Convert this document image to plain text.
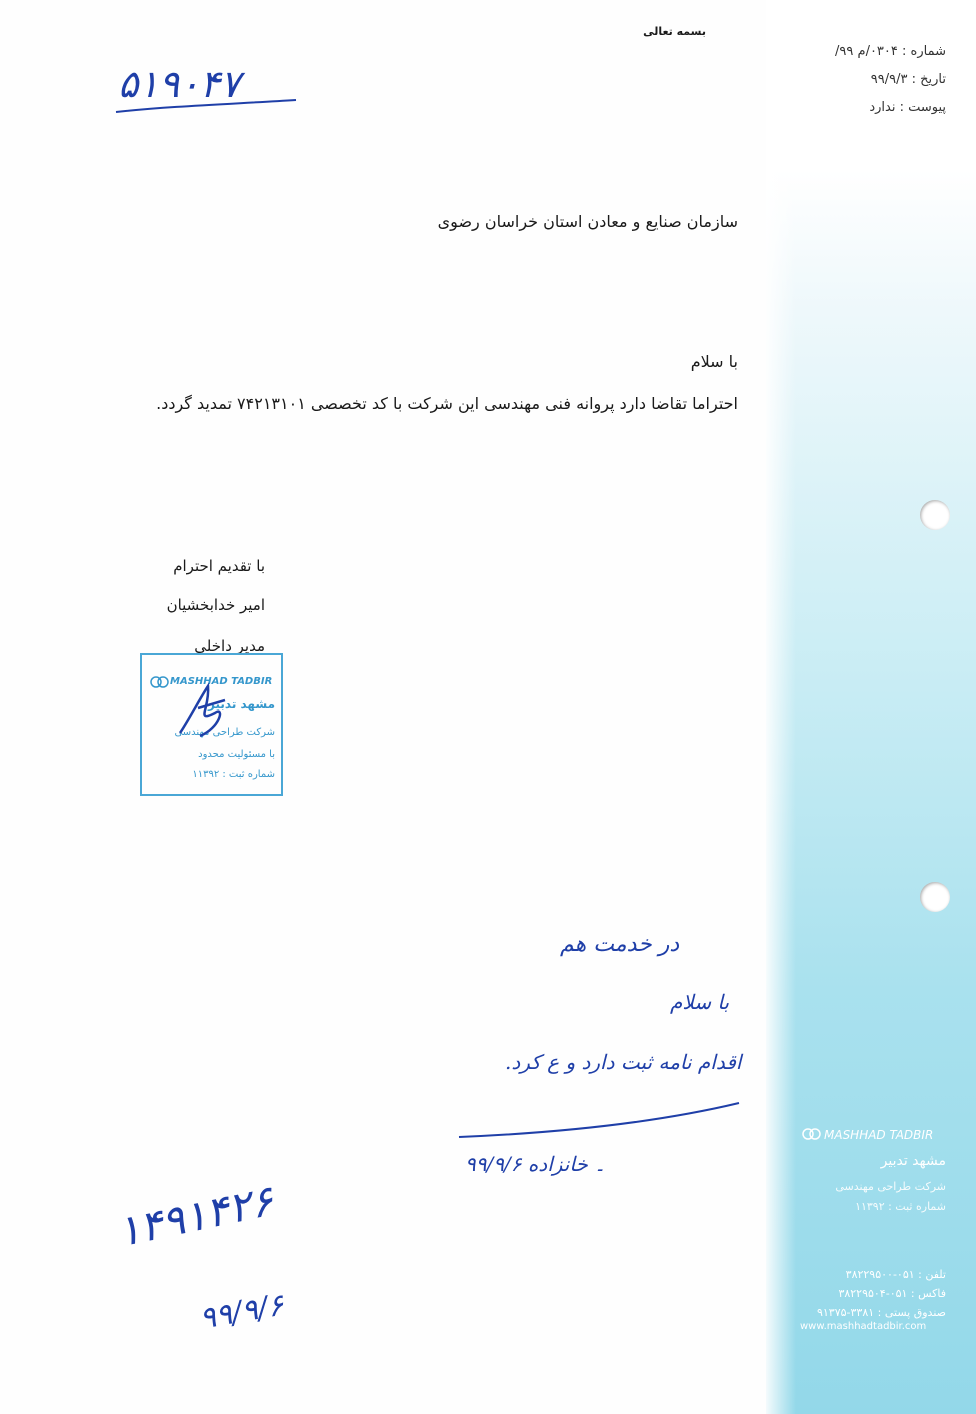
بسمه تعالی
شماره : ۰۳۰۴/م ۹۹/
تاریخ : ۹۹/۹/۳
پیوست : ندارد
۵۱۹۰۴۷
سازمان صنایع و معادن استان خراسان رضوی
با سلام
احتراما تقاضا دارد پروانه فنی مهندسی این شرکت با کد تخصصی ۷۴۲۱۳۱۰۱ تمدید گردد.
با تقدیم احترام
امیر خدابخشیان
مدیر داخلی
MASHHAD TADBIR
مشهد تدبیر
شرکت طراحی مهندسی
با مسئولیت محدود
شماره ثبت : ۱۱۳۹۲
در خدمت هم
با سلام
اقدام نامه ثبت دارد و ع کرد.
۹۹/۹/۶ ۔ خانزاده
۱۴۹۱۴۲۶
۹۹/۹/۶
MASHHAD TADBIR
مشهد تدبیر
شرکت طراحی مهندسی
شماره ثبت : ۱۱۳۹۲
تلفن : ۰۵۱-۳۸۲۲۹۵۰۰
فاکس : ۰۵۱-۳۸۲۲۹۵۰۴
صندوق پستی : ۳۳۸۱-۹۱۳۷۵
www.mashhadtadbir.com
